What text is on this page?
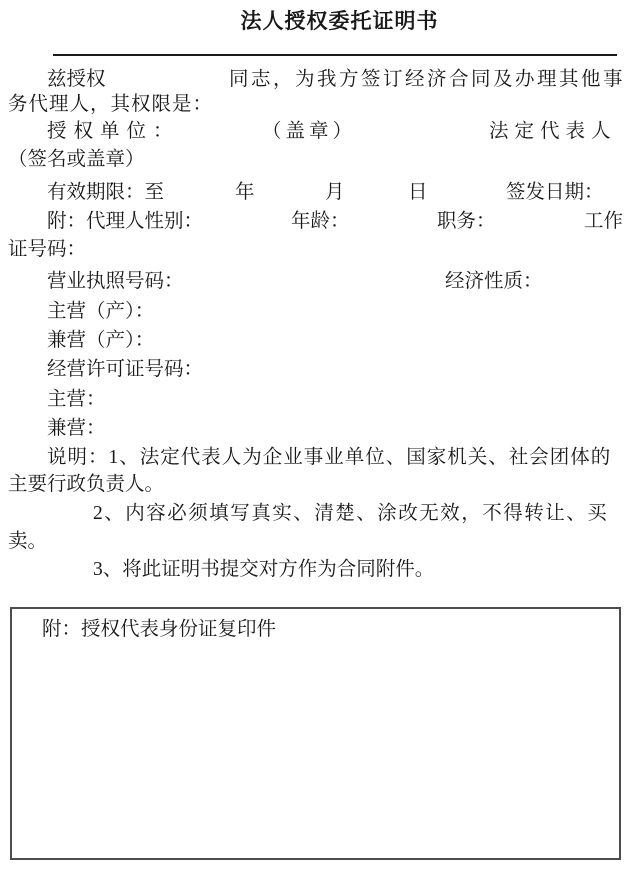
法人授权委托证明书
兹授权	同志，为我方签订经济合同及办理其他事
务代理人，其权限是：
授权单位：	（盖章）	法定代表人
（签名或盖章）
有效期限：至	年	月	日	签发日期：
附：代理人性别：	年龄：	职务：	工作
证号码：
营业执照号码：	经济性质：
主营（产）：
兼营（产）：
经营许可证号码：
主营：
兼营：
说明：1、法定代表人为企业事业单位、国家机关、社会团体的
主要行政负责人。
2、内容必须填写真实、清楚、涂改无效，不得转让、买
卖。
3、将此证明书提交对方作为合同附件。
附：授权代表身份证复印件
